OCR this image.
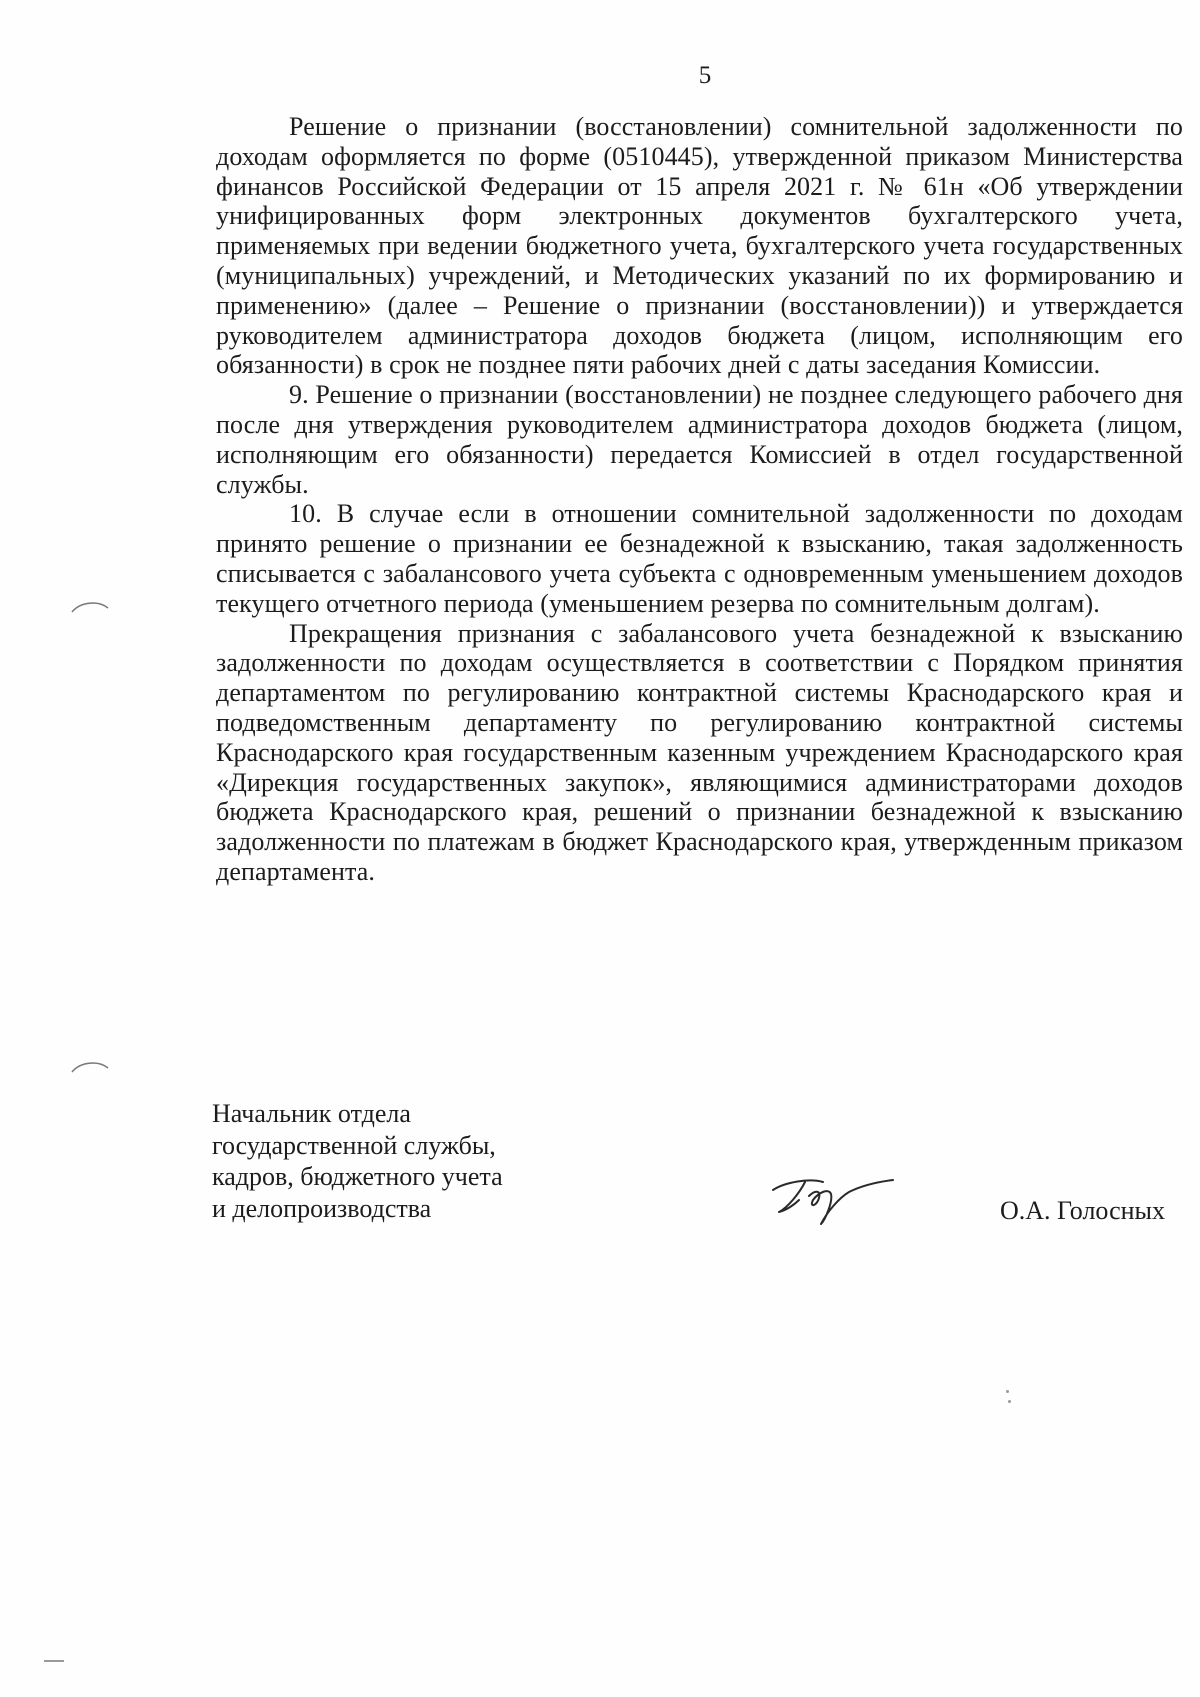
5

Решение о признании (восстановлении) сомнительной задолженности по доходам оформляется по форме (0510445), утвержденной приказом Министерства финансов Российской Федерации от 15 апреля 2021 г. № 61н «Об утверждении унифицированных форм электронных документов бухгалтерского учета, применяемых при ведении бюджетного учета, бухгалтерского учета государственных (муниципальных) учреждений, и Методических указаний по их формированию и применению» (далее – Решение о признании (восстановлении)) и утверждается руководителем администратора доходов бюджета (лицом, исполняющим его обязанности) в срок не позднее пяти рабочих дней с даты заседания Комиссии.

9. Решение о признании (восстановлении) не позднее следующего рабочего дня после дня утверждения руководителем администратора доходов бюджета (лицом, исполняющим его обязанности) передается Комиссией в отдел государственной службы.

10. В случае если в отношении сомнительной задолженности по доходам принято решение о признании ее безнадежной к взысканию, такая задолженность списывается с забалансового учета субъекта с одновременным уменьшением доходов текущего отчетного периода (уменьшением резерва по сомнительным долгам).

Прекращения признания с забалансового учета безнадежной к взысканию задолженности по доходам осуществляется в соответствии с Порядком принятия департаментом по регулированию контрактной системы Краснодарского края и подведомственным департаменту по регулированию контрактной системы Краснодарского края государственным казенным учреждением Краснодарского края «Дирекция государственных закупок», являющимися администраторами доходов бюджета Краснодарского края, решений о признании безнадежной к взысканию задолженности по платежам в бюджет Краснодарского края, утвержденным приказом департамента.

Начальник отдела
государственной службы,
кадров, бюджетного учета
и делопроизводства	О.А. Голосных
